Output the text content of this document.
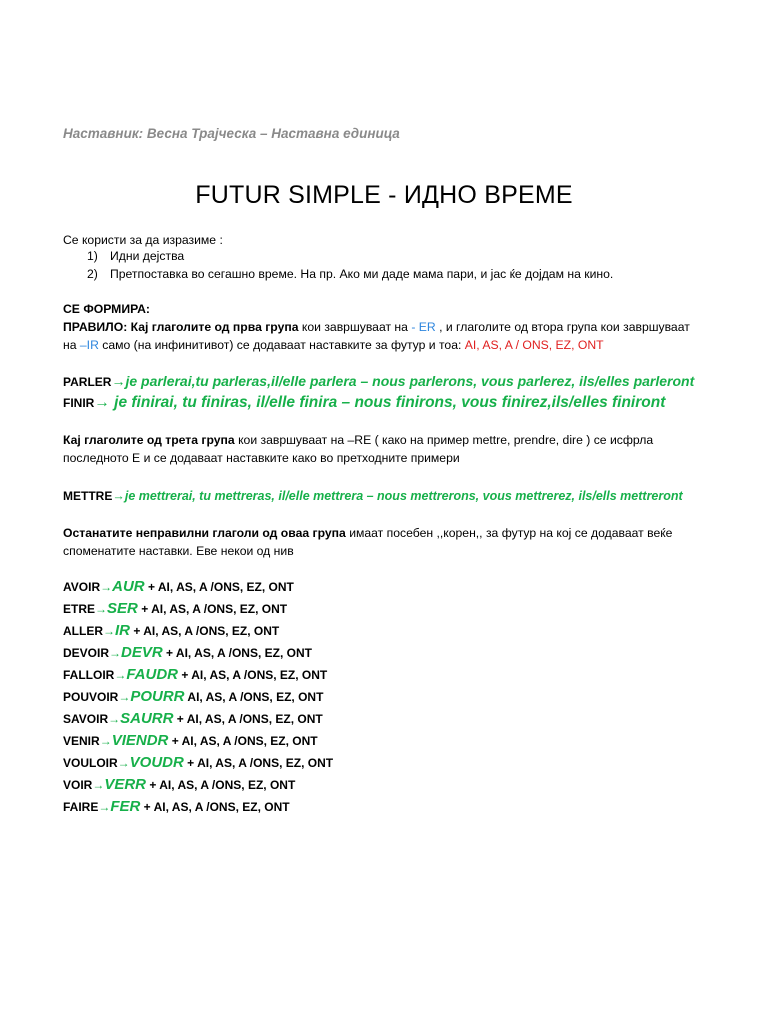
Наставник: Весна Трајческа – Наставна единица
FUTUR SIMPLE - ИДНО ВРЕМЕ
Се користи за да изразиме :
1) Идни дејства
2) Претпоставка во сегашно време. На пр. Ако ми даде мама пари, и јас ќе дојдам на кино.
СЕ ФОРМИРА:
ПРАВИЛО: Кај глаголите од прва група кои завршуваат на - ER , и глаголите од втора група кои завршуваат
на –IR само (на инфинитивот) се додаваат наставките за футур и тоа: AI, AS, A / ONS, EZ, ONT
PARLER→je parlerai,tu parleras,il/elle parlera – nous parlerons, vous parlerez, ils/elles parleront
FINIR→ je finirai, tu finiras, il/elle finira – nous finirons, vous finirez,ils/elles finiront
Кај глаголите од трета група кои завршуваат на –RE ( како на пример mettre, prendre, dire ) се исфрла
последното Е и се додаваат наставките како во претходните примери
METTRE→je mettrerai, tu mettreras, il/elle mettrera – nous mettrerons, vous mettrerez, ils/ells mettreront
Останатите неправилни глаголи од оваа група имаат посебен ,,корен,, за футур на кој се додаваат веќе
споменатите наставки. Еве некои од нив
AVOIR→AUR + AI, AS, A /ONS, EZ, ONT
ETRE→SER + AI, AS, A /ONS, EZ, ONT
ALLER→IR + AI, AS, A /ONS, EZ, ONT
DEVOIR→DEVR + AI, AS, A /ONS, EZ, ONT
FALLOIR→FAUDR + AI, AS, A /ONS, EZ, ONT
POUVOIR→POURR AI, AS, A /ONS, EZ, ONT
SAVOIR→SAURR + AI, AS, A /ONS, EZ, ONT
VENIR→VIENDR + AI, AS, A /ONS, EZ, ONT
VOULOIR→VOUDR + AI, AS, A /ONS, EZ, ONT
VOIR→VERR + AI, AS, A /ONS, EZ, ONT
FAIRE→FER + AI, AS, A /ONS, EZ, ONT
